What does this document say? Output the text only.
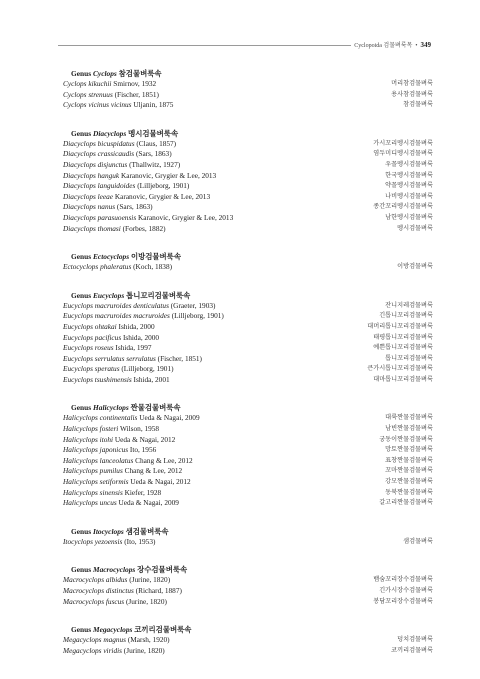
Cyclopoida 검물벼룩목 • 349
Genus Cyclops 참검물벼룩속
Cyclops kikuchii Smirnov, 1932	머리참검물벼룩
Cyclops strenuus (Fischer, 1851)	용사참검물벼룩
Cyclops vicinus vicinus Uljanin, 1875	참검물벼룩
Genus Diacyclops 멩시검물벼룩속
Diacyclops bicuspidatus (Claus, 1857)	가시꼬리멩시검물벼룩
Diacyclops crassicaudis (Sars, 1863)	염두미디멩시검물벼룩
Diacyclops disjunctus (Thallwitz, 1927)	우꼴멩시검물벼룩
Diacyclops hanguk Karanovic, Grygier & Lee, 2013	한국멩시검물벼룩
Diacyclops languidoides (Lilljeborg, 1901)	약꼴멩시검물벼룩
Diacyclops leeae Karanovic, Grygier & Lee, 2013	나비멩시검물벼룩
Diacyclops nanus (Sars, 1863)	종간꼬리멩시검물벼룩
Diacyclops parasuoensis Karanovic, Grygier & Lee, 2013	남한멩시검물벼룩
Diacyclops thomasi (Forbes, 1882)	멩시검물벼룩
Genus Ectocyclops 이방검물벼룩속
Ectocyclops phaleratus (Koch, 1838)	이방검물벼룩
Genus Eucyclops 톱니꼬리검물벼룩속
Eucyclops macruroides denticulatus (Graeter, 1903)	잔니지레검물벼룩
Eucyclops macruroides macruroides (Lilljeborg, 1901)	긴톱니꼬리검물벼룩
Eucyclops ohtakai Ishida, 2000	대머리톱니꼬리검물벼룩
Eucyclops pacificus Ishida, 2000	태평톱니꼬리검물벼룩
Eucyclops roseus Ishida, 1997	예쁜톱니꼬리검물벼룩
Eucyclops serrulatus serrulatus (Fischer, 1851)	톱니꼬리검물벼룩
Eucyclops speratus (Lilljeborg, 1901)	큰가시톱니꼬리검물벼룩
Eucyclops tsushimensis Ishida, 2001	대마톱니꼬리검물벼룩
Genus Halicyclops 짠물검물벼룩속
Halicyclops continentalis Ueda & Nagai, 2009	대륙짠물검물벼룩
Halicyclops fosteri Wilson, 1958	남빈짠물검물벼룩
Halicyclops itohi Ueda & Nagai, 2012	궁동이짠물검물벼룩
Halicyclops japonicus Ito, 1956	망토짠물검물벼룩
Halicyclops lanceolatus Chang & Lee, 2012	표창짠물검물벼룩
Halicyclops pumilus Chang & Lee, 2012	꼬마짠물검물벼룩
Halicyclops setiformis Ueda & Nagai, 2012	강모짠물검물벼룩
Halicyclops sinensis Kiefer, 1928	동북짠물검물벼룩
Halicyclops uncus Ueda & Nagai, 2009	갈고리짠물검물벼룩
Genus Itocyclops 샘검물벼룩속
Itocyclops yezoensis (Ito, 1953)	샘검물벼룩
Genus Macrocyclops 장수검물벼룩속
Macrocyclops albidus (Jurine, 1820)	뱀숨꼬리장수검물벼룩
Macrocyclops distinctus (Richard, 1887)	긴가시장수검물벼룩
Macrocyclops fuscus (Jurine, 1820)	봉담꼬리장수검물벼룩
Genus Megacyclops 코끼리검물벼룩속
Megacyclops magnus (Marsh, 1920)	덩치검물벼룩
Megacyclops viridis (Jurine, 1820)	코끼리검물벼룩
